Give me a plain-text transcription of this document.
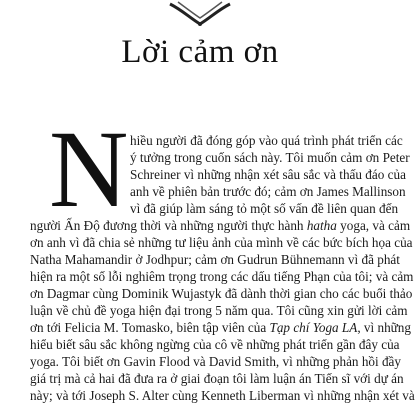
Lời cảm ơn
N hiều người đã đóng góp vào quá trình phát triển các
ý tưởng trong cuốn sách này. Tôi muốn cảm ơn Peter
Schreiner vì những nhận xét sâu sắc và thấu đáo của
anh về phiên bản trước đó; cảm ơn James Mallinson
vì đã giúp làm sáng tỏ một số vấn đề liên quan đến
người Ấn Độ đương thời và những người thực hành hatha yoga, và cảm
ơn anh vì đã chia sẻ những tư liệu ảnh của mình về các bức bích họa của
Natha Mahamandir ở Jodhpur; cảm ơn Gudrun Bühnemann vì đã phát
hiện ra một số lỗi nghiêm trọng trong các dấu tiếng Phạn của tôi; và cảm
ơn Dagmar cùng Dominik Wujastyk đã dành thời gian cho các buổi thảo
luận về chủ đề yoga hiện đại trong 5 năm qua. Tôi cũng xin gửi lời cảm
ơn tới Felicia M. Tomasko, biên tập viên của Tạp chí Yoga LA, vì những
hiểu biết sâu sắc không ngừng của cô về những phát triển gần đây của
yoga. Tôi biết ơn Gavin Flood và David Smith, vì những phản hồi đầy
giá trị mà cả hai đã đưa ra ở giai đoạn tôi làm luận án Tiến sĩ với dự án
này; và tới Joseph S. Alter cùng Kenneth Liberman vì những nhận xét và
